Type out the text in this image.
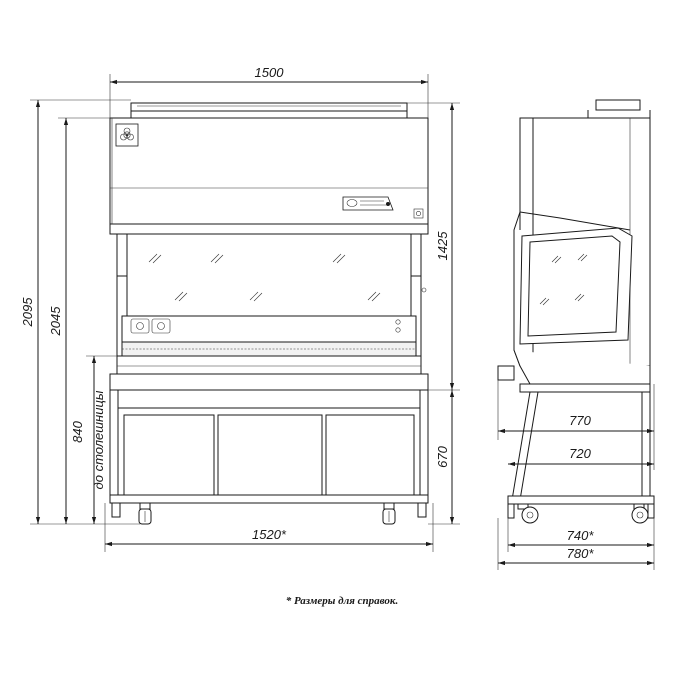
1500
2095 2045
840 до столешницы
1425
670
1520*
770
720
740*
780*
* Размеры для справок.
